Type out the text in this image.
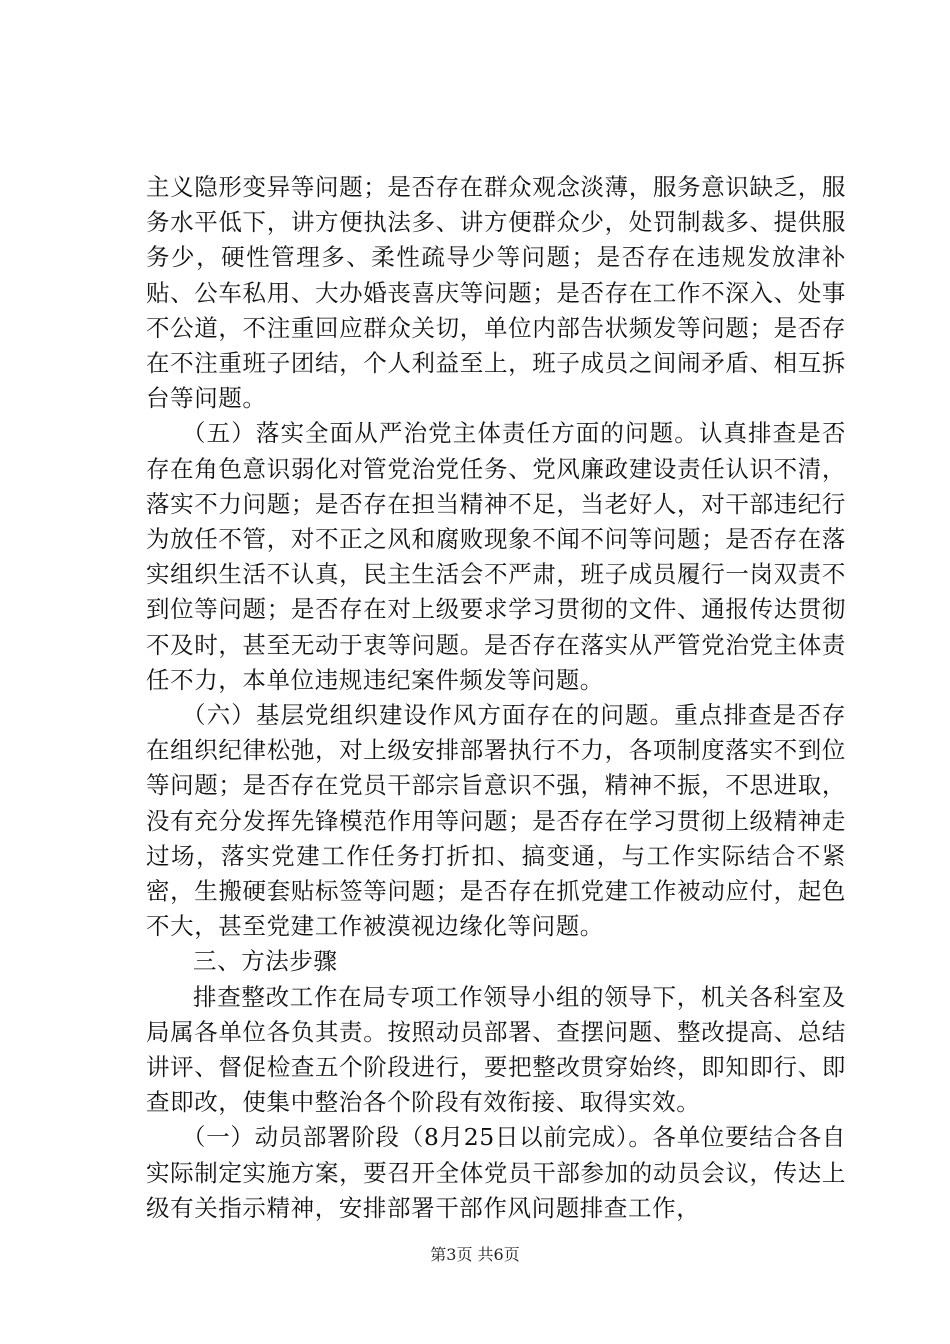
主义隐形变异等问题；是否存在群众观念淡薄，服务意识缺乏，服务水平低下，讲方便执法多、讲方便群众少，处罚制裁多、提供服务少，硬性管理多、柔性疏导少等问题；是否存在违规发放津补贴、公车私用、大办婚丧喜庆等问题；是否存在工作不深入、处事不公道，不注重回应群众关切，单位内部告状频发等问题；是否存在不注重班子团结，个人利益至上，班子成员之间闹矛盾、相互拆台等问题。

（五）落实全面从严治党主体责任方面的问题。认真排查是否存在角色意识弱化对管党治党任务、党风廉政建设责任认识不清，落实不力问题；是否存在担当精神不足，当老好人，对干部违纪行为放任不管，对不正之风和腐败现象不闻不问等问题；是否存在落实组织生活不认真，民主生活会不严肃，班子成员履行一岗双责不到位等问题；是否存在对上级要求学习贯彻的文件、通报传达贯彻不及时，甚至无动于衷等问题。是否存在落实从严管党治党主体责任不力，本单位违规违纪案件频发等问题。

（六）基层党组织建设作风方面存在的问题。重点排查是否存在组织纪律松弛，对上级安排部署执行不力，各项制度落实不到位等问题；是否存在党员干部宗旨意识不强，精神不振，不思进取，没有充分发挥先锋模范作用等问题；是否存在学习贯彻上级精神走过场，落实党建工作任务打折扣、搞变通，与工作实际结合不紧密，生搬硬套贴标签等问题；是否存在抓党建工作被动应付，起色不大，甚至党建工作被漠视边缘化等问题。

三、方法步骤

排查整改工作在局专项工作领导小组的领导下，机关各科室及局属各单位各负其责。按照动员部署、查摆问题、整改提高、总结讲评、督促检查五个阶段进行，要把整改贯穿始终，即知即行、即查即改，使集中整治各个阶段有效衔接、取得实效。

（一）动员部署阶段（8月25日以前完成）。各单位要结合各自实际制定实施方案，要召开全体党员干部参加的动员会议，传达上级有关指示精神，安排部署干部作风问题排查工作，

第3页 共6页
